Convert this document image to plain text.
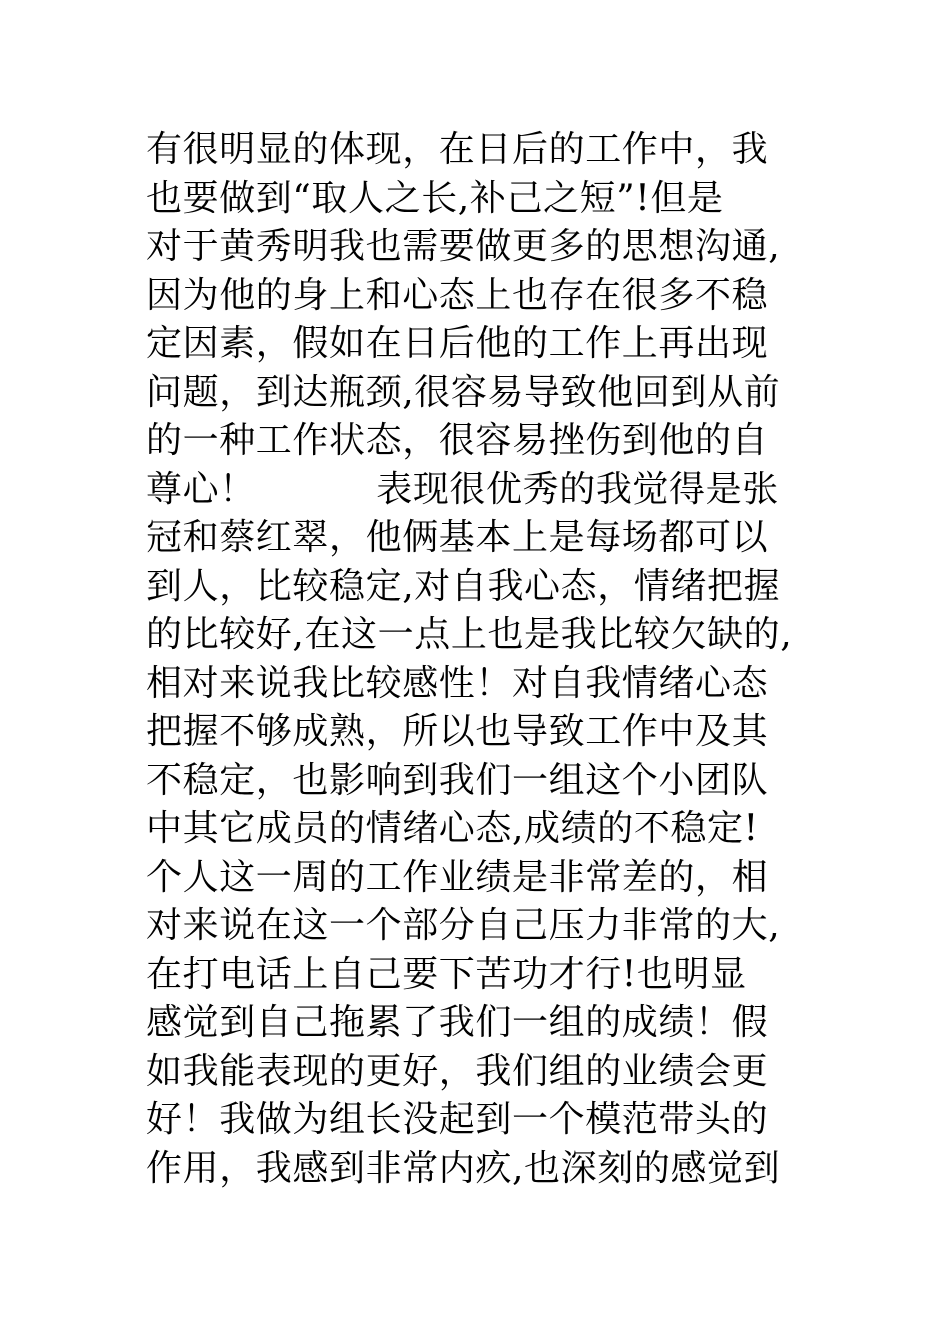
有很明显的体现，在日后的工作中，我
也要做到“取人之长,补己之短”!但是
对于黄秀明我也需要做更多的思想沟通,
因为他的身上和心态上也存在很多不稳
定因素，假如在日后他的工作上再出现
问题，到达瓶颈,很容易导致他回到从前
的一种工作状态，很容易挫伤到他的自
尊心！          表现很优秀的我觉得是张
冠和蔡红翠，他俩基本上是每场都可以
到人，比较稳定,对自我心态，情绪把握
的比较好,在这一点上也是我比较欠缺的,
相对来说我比较感性！对自我情绪心态
把握不够成熟，所以也导致工作中及其
不稳定，也影响到我们一组这个小团队
中其它成员的情绪心态,成绩的不稳定!
个人这一周的工作业绩是非常差的，相
对来说在这一个部分自己压力非常的大,
在打电话上自己要下苦功才行!也明显
感觉到自己拖累了我们一组的成绩！假
如我能表现的更好，我们组的业绩会更
好！我做为组长没起到一个模范带头的
作用，我感到非常内疚,也深刻的感觉到
